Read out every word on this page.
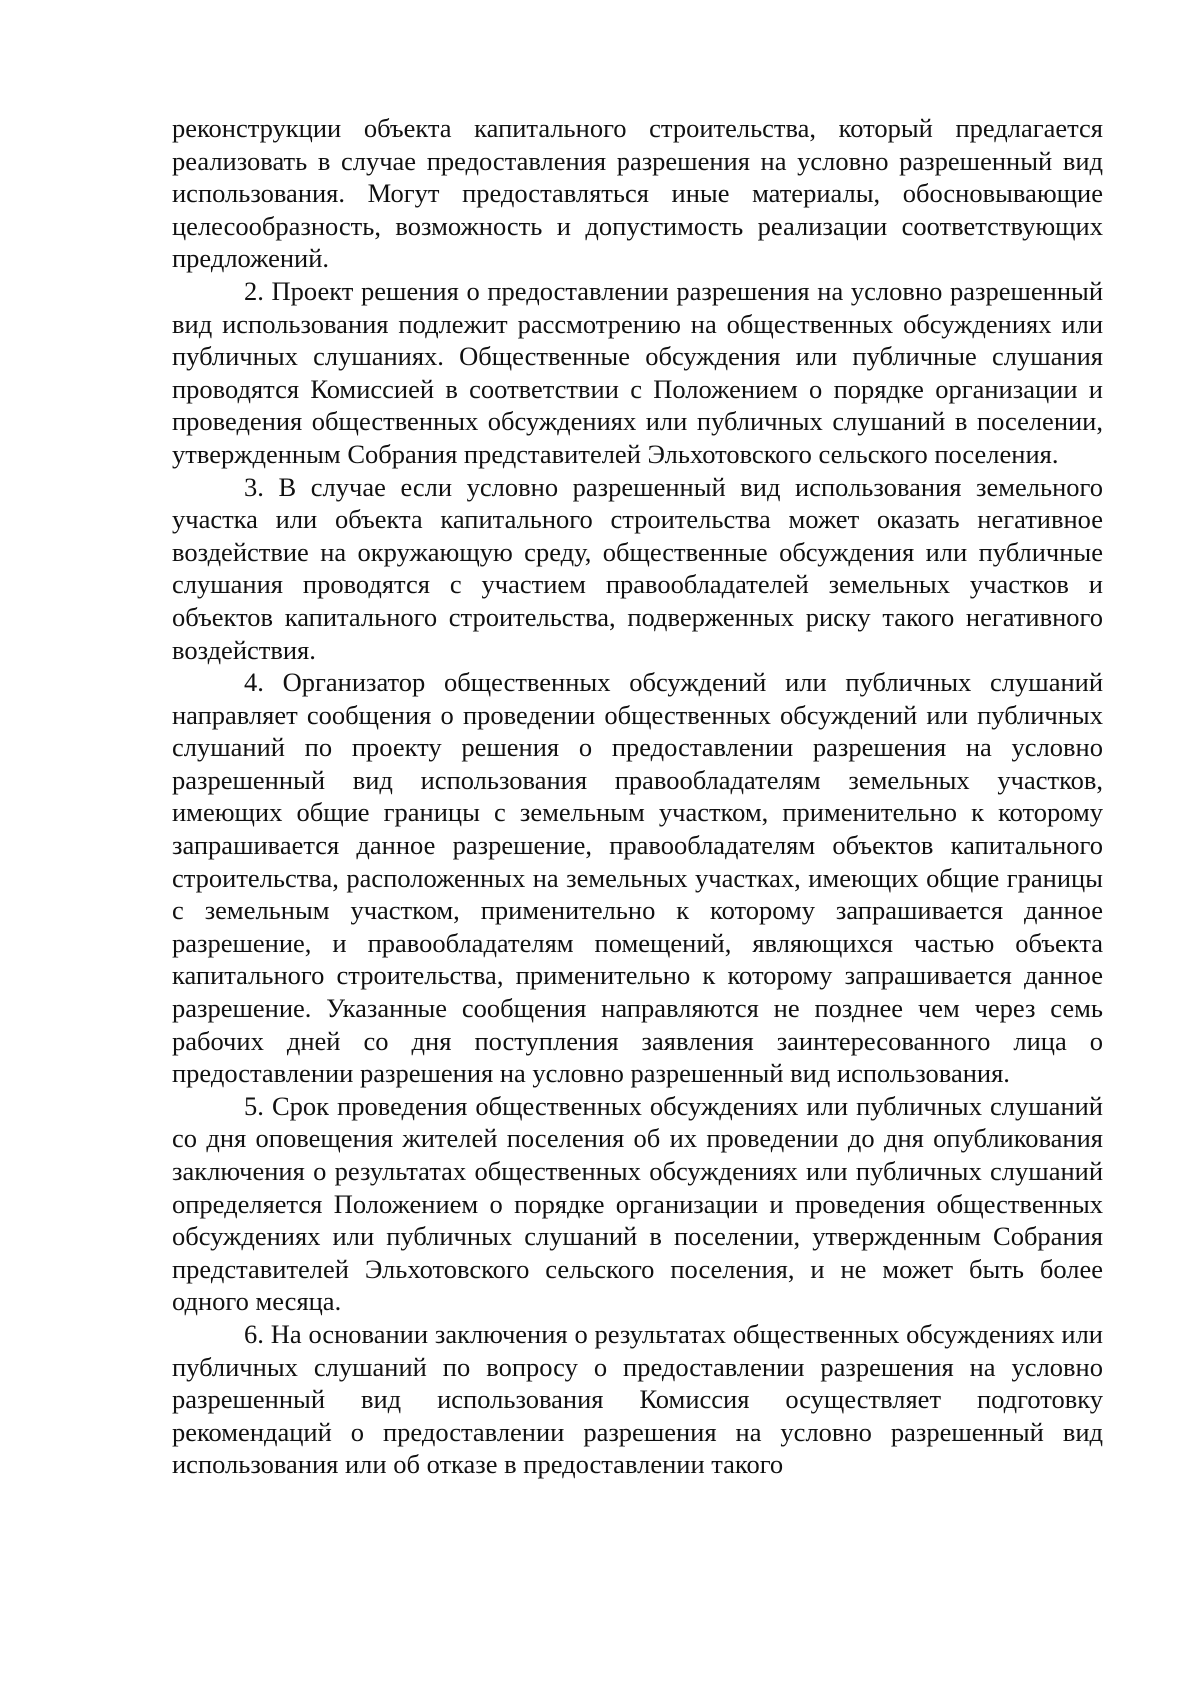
реконструкции объекта капитального строительства, который предлагается реализовать в случае предоставления разрешения на условно разрешенный вид использования. Могут предоставляться иные материалы, обосновывающие целесообразность, возможность и допустимость реализации соответствующих предложений.

2. Проект решения о предоставлении разрешения на условно разрешенный вид использования подлежит рассмотрению на общественных обсуждениях или публичных слушаниях. Общественные обсуждения или публичные слушания проводятся Комиссией в соответствии с Положением о порядке организации и проведения общественных обсуждениях или публичных слушаний в поселении, утвержденным Собрания представителей Эльхотовского сельского поселения.

3. В случае если условно разрешенный вид использования земельного участка или объекта капитального строительства может оказать негативное воздействие на окружающую среду, общественные обсуждения или публичные слушания проводятся с участием правообладателей земельных участков и объектов капитального строительства, подверженных риску такого негативного воздействия.

4. Организатор общественных обсуждений или публичных слушаний направляет сообщения о проведении общественных обсуждений или публичных слушаний по проекту решения о предоставлении разрешения на условно разрешенный вид использования правообладателям земельных участков, имеющих общие границы с земельным участком, применительно к которому запрашивается данное разрешение, правообладателям объектов капитального строительства, расположенных на земельных участках, имеющих общие границы с земельным участком, применительно к которому запрашивается данное разрешение, и правообладателям помещений, являющихся частью объекта капитального строительства, применительно к которому запрашивается данное разрешение. Указанные сообщения направляются не позднее чем через семь рабочих дней со дня поступления заявления заинтересованного лица о предоставлении разрешения на условно разрешенный вид использования.

5. Срок проведения общественных обсуждениях или публичных слушаний со дня оповещения жителей поселения об их проведении до дня опубликования заключения о результатах общественных обсуждениях или публичных слушаний определяется Положением о порядке организации и проведения общественных обсуждениях или публичных слушаний в поселении, утвержденным Собрания представителей Эльхотовского сельского поселения, и не может быть более одного месяца.

6. На основании заключения о результатах общественных обсуждениях или публичных слушаний по вопросу о предоставлении разрешения на условно разрешенный вид использования Комиссия осуществляет подготовку рекомендаций о предоставлении разрешения на условно разрешенный вид использования или об отказе в предоставлении такого
